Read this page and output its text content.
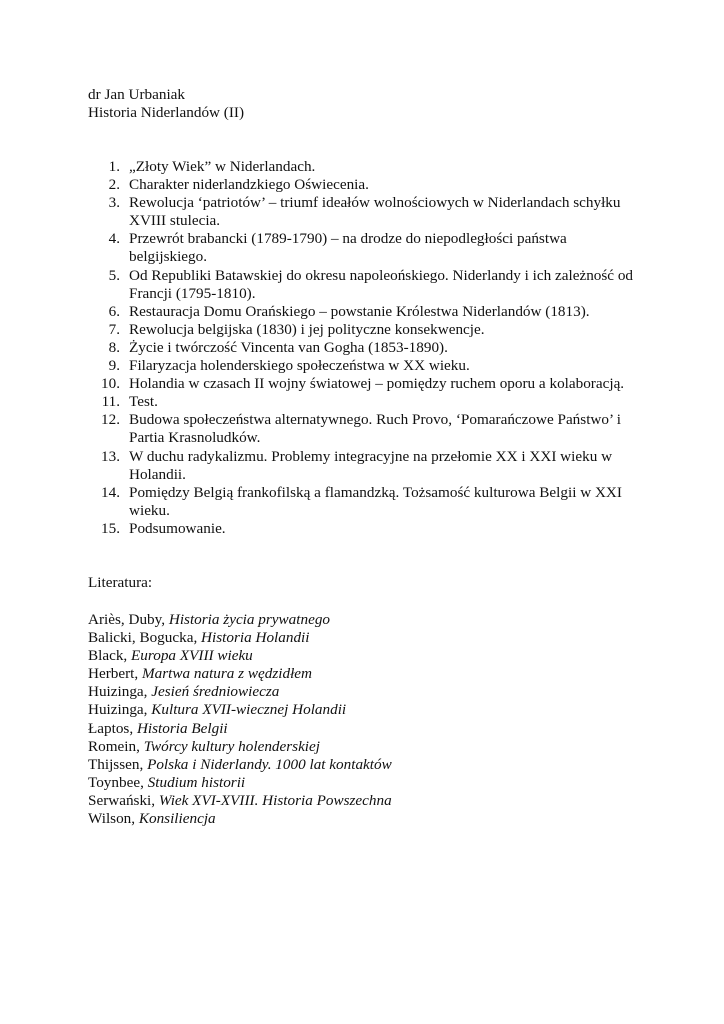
dr Jan Urbaniak
Historia Niderlandów (II)
1. „Złoty Wiek” w Niderlandach.
2. Charakter niderlandzkiego Oświecenia.
3. Rewolucja ‘patriotów’ – triumf ideałów wolnościowych w Niderlandach schyłku XVIII stulecia.
4. Przewrót brabancki (1789-1790) – na drodze do niepodległości państwa belgijskiego.
5. Od Republiki Batawskiej do okresu napoleońskiego. Niderlandy i ich zależność od Francji (1795-1810).
6. Restauracja Domu Orańskiego – powstanie Królestwa Niderlandów (1813).
7. Rewolucja belgijska (1830) i jej polityczne konsekwencje.
8. Życie i twórczość Vincenta van Gogha (1853-1890).
9. Filaryzacja holenderskiego społeczeństwa w XX wieku.
10. Holandia w czasach II wojny światowej – pomiędzy ruchem oporu a kolaboracją.
11. Test.
12. Budowa społeczeństwa alternatywnego. Ruch Provo, ‘Pomarańczowe Państwo’ i Partia Krasnoludków.
13. W duchu radykalizmu. Problemy integracyjne na przełomie XX i XXI wieku w Holandii.
14. Pomiędzy Belgią frankofilską a flamandzką. Tożsamość kulturowa Belgii w XXI wieku.
15. Podsumowanie.
Literatura:
Ariès, Duby, Historia życia prywatnego
Balicki, Bogucka, Historia Holandii
Black, Europa XVIII wieku
Herbert, Martwa natura z wędzidłem
Huizinga, Jesień średniowiecza
Huizinga, Kultura XVII-wiecznej Holandii
Łaptos, Historia Belgii
Romein, Twórcy kultury holenderskiej
Thijssen, Polska i Niderlandy. 1000 lat kontaktów
Toynbee, Studium historii
Serwański, Wiek XVI-XVIII. Historia Powszechna
Wilson, Konsiliencja
